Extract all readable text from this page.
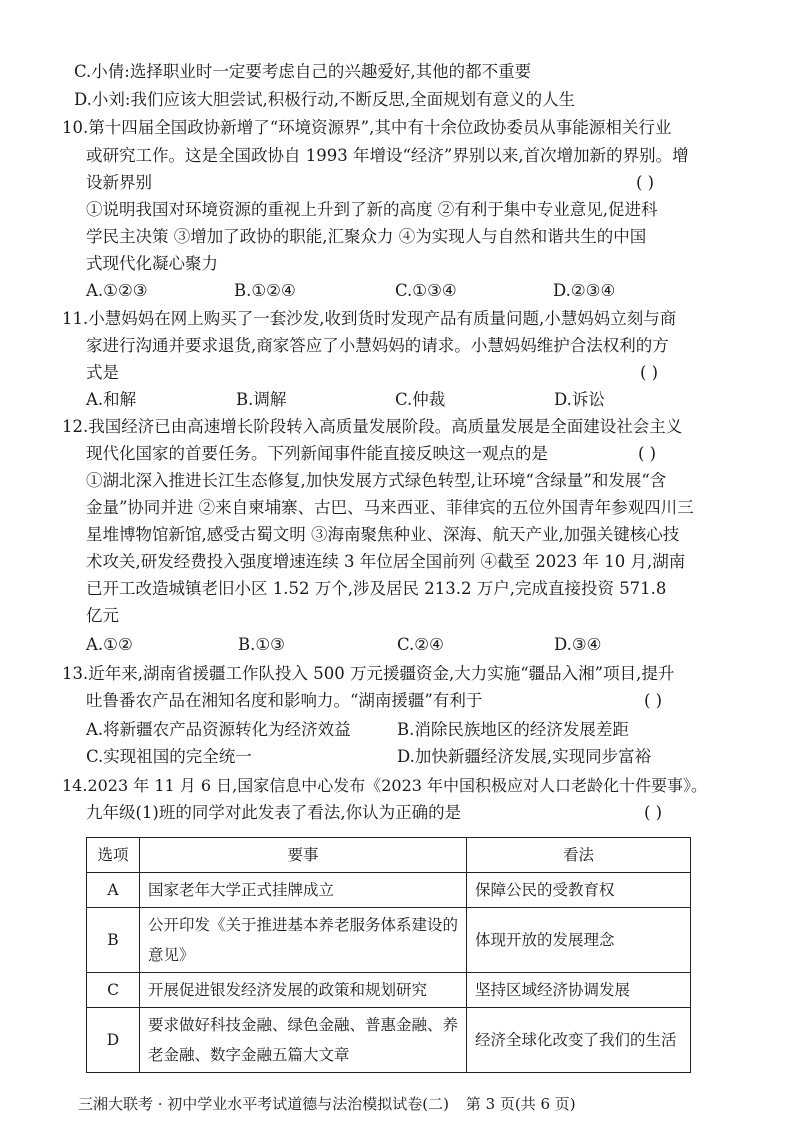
C.小倩:选择职业时一定要考虑自己的兴趣爱好,其他的都不重要
D.小刘:我们应该大胆尝试,积极行动,不断反思,全面规划有意义的人生
10.第十四届全国政协新增了“环境资源界”,其中有十余位政协委员从事能源相关行业
或研究工作。这是全国政协自 1993 年增设“经济”界别以来,首次增加新的界别。增
设新界别	( )
①说明我国对环境资源的重视上升到了新的高度 ②有利于集中专业意见,促进科
学民主决策 ③增加了政协的职能,汇聚众力 ④为实现人与自然和谐共生的中国
式现代化凝心聚力
A.①②③	B.①②④	C.①③④	D.②③④
11.小慧妈妈在网上购买了一套沙发,收到货时发现产品有质量问题,小慧妈妈立刻与商
家进行沟通并要求退货,商家答应了小慧妈妈的请求。小慧妈妈维护合法权利的方
式是	( )
A.和解	B.调解	C.仲裁	D.诉讼
12.我国经济已由高速增长阶段转入高质量发展阶段。高质量发展是全面建设社会主义
现代化国家的首要任务。下列新闻事件能直接反映这一观点的是	( )
①湖北深入推进长江生态修复,加快发展方式绿色转型,让环境“含绿量”和发展“含
金量”协同并进 ②来自柬埔寨、古巴、马来西亚、菲律宾的五位外国青年参观四川三
星堆博物馆新馆,感受古蜀文明 ③海南聚焦种业、深海、航天产业,加强关键核心技
术攻关,研发经费投入强度增速连续 3 年位居全国前列 ④截至 2023 年 10 月,湖南
已开工改造城镇老旧小区 1.52 万个,涉及居民 213.2 万户,完成直接投资 571.8
亿元
A.①②	B.①③	C.②④	D.③④
13.近年来,湖南省援疆工作队投入 500 万元援疆资金,大力实施“疆品入湘”项目,提升
吐鲁番农产品在湘知名度和影响力。“湖南援疆”有利于	( )
A.将新疆农产品资源转化为经济效益	B.消除民族地区的经济发展差距
C.实现祖国的完全统一	D.加快新疆经济发展,实现同步富裕
14.2023 年 11 月 6 日,国家信息中心发布《2023 年中国积极应对人口老龄化十件要事》。
九年级(1)班的同学对此发表了看法,你认为正确的是	( )
选项	要事	看法
A	国家老年大学正式挂牌成立	保障公民的受教育权
B	公开印发《关于推进基本养老服务体系建设的意见》	体现开放的发展理念
C	开展促进银发经济发展的政策和规划研究	坚持区域经济协调发展
D	要求做好科技金融、绿色金融、普惠金融、养老金融、数字金融五篇大文章	经济全球化改变了我们的生活
三湘大联考 · 初中学业水平考试道德与法治模拟试卷(二) 第 3 页(共 6 页)
